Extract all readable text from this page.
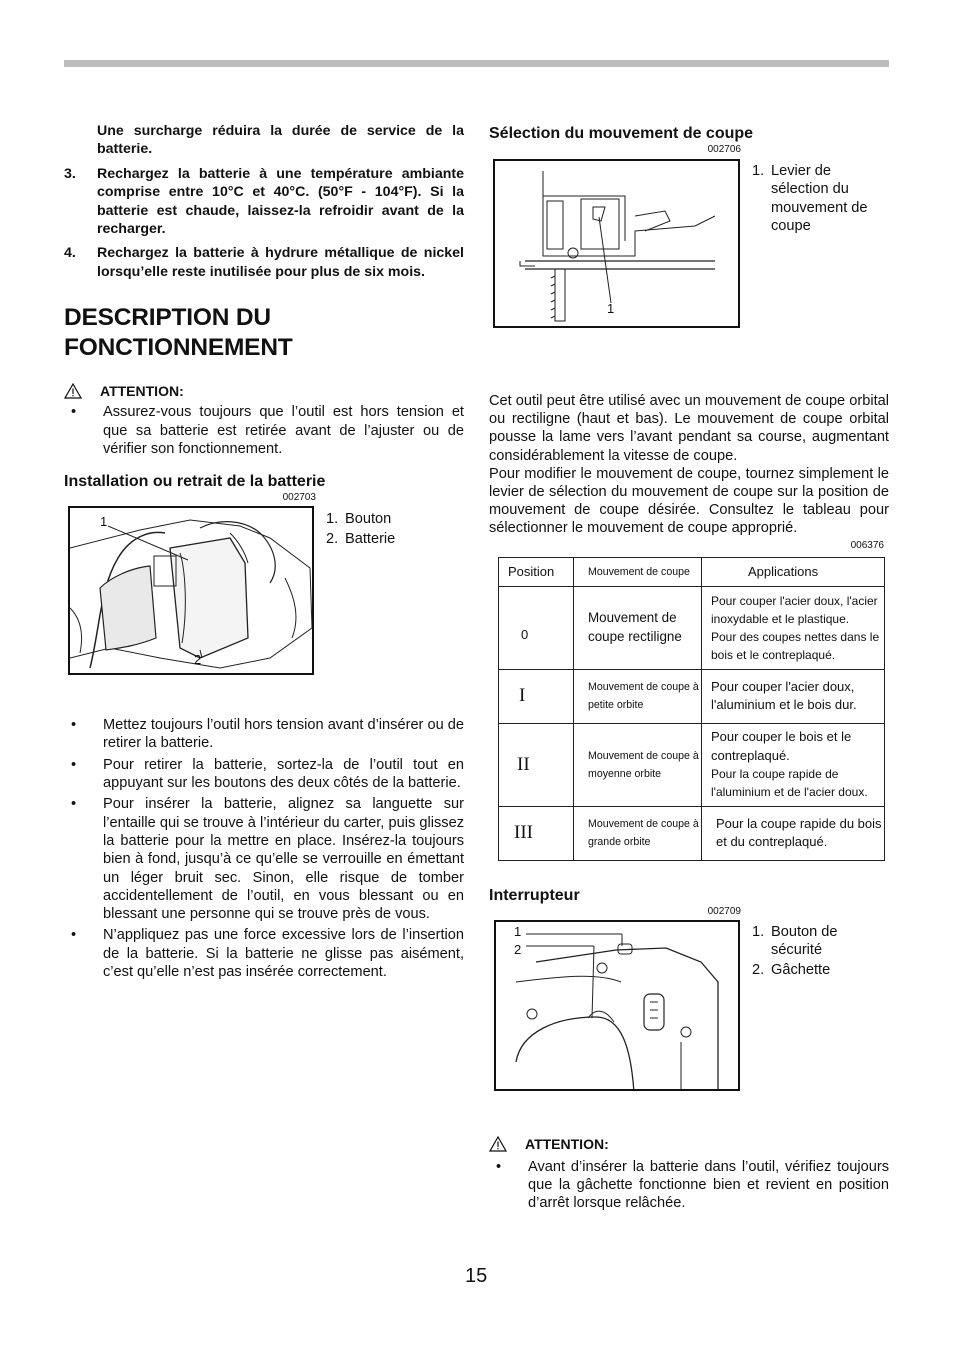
Une surcharge réduira la durée de service de la batterie.

3. Rechargez la batterie à une température ambiante comprise entre 10°C et 40°C. (50°F - 104°F). Si la batterie est chaude, laissez-la refroidir avant de la recharger.

4. Rechargez la batterie à hydrure métallique de nickel lorsqu’elle reste inutilisée pour plus de six mois.

DESCRIPTION DU
FONCTIONNEMENT
ATTENTION:
• Assurez-vous toujours que l’outil est hors tension et que sa batterie est retirée avant de l’ajuster ou de vérifier son fonctionnement.
Installation ou retrait de la batterie
002703
1
2
1. Bouton
2. Batterie
• Mettez toujours l’outil hors tension avant d’insérer ou de retirer la batterie.
• Pour retirer la batterie, sortez-la de l’outil tout en appuyant sur les boutons des deux côtés de la batterie.
• Pour insérer la batterie, alignez sa languette sur l’entaille qui se trouve à l’intérieur du carter, puis glissez la batterie pour la mettre en place. Insérez-la toujours bien à fond, jusqu’à ce qu’elle se verrouille en émettant un léger bruit sec. Sinon, elle risque de tomber accidentellement de l’outil, en vous blessant ou en blessant une personne qui se trouve près de vous.
• N’appliquez pas une force excessive lors de l’insertion de la batterie. Si la batterie ne glisse pas aisément, c’est qu’elle n’est pas insérée correctement.
Sélection du mouvement de coupe
002706
1
1. Levier de sélection du mouvement de coupe

Cet outil peut être utilisé avec un mouvement de coupe orbital ou rectiligne (haut et bas). Le mouvement de coupe orbital pousse la lame vers l’avant pendant sa course, augmentant considérablement la vitesse de coupe.

Pour modifier le mouvement de coupe, tournez simplement le levier de sélection du mouvement de coupe sur la position de mouvement de coupe désirée. Consultez le tableau pour sélectionner le mouvement de coupe approprié.

006376
Position	Mouvement de coupe	Applications
0	Mouvement de coupe rectiligne	Pour couper l'acier doux, l'acier inoxydable et le plastique.
Pour des coupes nettes dans le bois et le contreplaqué.

I	Mouvement de coupe à petite orbite	Pour couper l'acier doux, l'aluminium et le bois dur.

II	Mouvement de coupe à moyenne orbite	Pour couper le bois et le contreplaqué.
Pour la coupe rapide de l'aluminium et de l'acier doux.

III	Mouvement de coupe à grande orbite	Pour la coupe rapide du bois et du contreplaqué.
Interrupteur
002709
1
2
1. Bouton de sécurité
2. Gâchette
ATTENTION:
• Avant d’insérer la batterie dans l’outil, vérifiez toujours que la gâchette fonctionne bien et revient en position d’arrêt lorsque relâchée.
15
